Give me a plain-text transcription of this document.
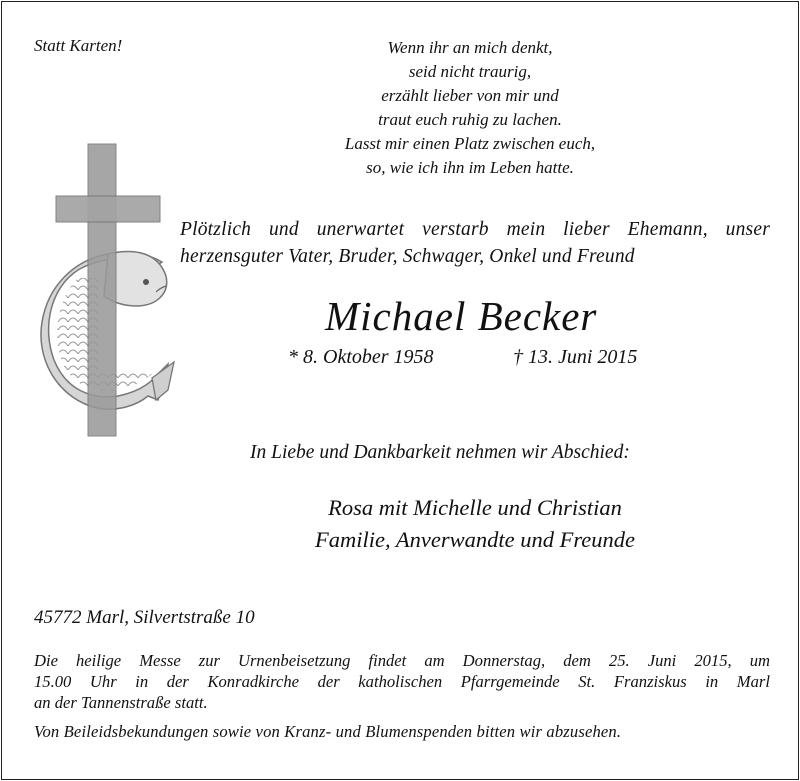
Statt Karten!	Wenn ihr an mich denkt,
seid nicht traurig,
erzählt lieber von mir und
traut euch ruhig zu lachen.
Lasst mir einen Platz zwischen euch,
so, wie ich ihn im Leben hatte.
Plötzlich und unerwartet verstarb mein lieber Ehemann, unser
herzensguter Vater, Bruder, Schwager, Onkel und Freund
Michael Becker
* 8. Oktober 1958	† 13. Juni 2015
In Liebe und Dankbarkeit nehmen wir Abschied:
Rosa mit Michelle und Christian
Familie, Anverwandte und Freunde
45772 Marl, Silvertstraße 10
Die heilige Messe zur Urnenbeisetzung findet am Donnerstag, dem 25. Juni 2015, um
15.00 Uhr in der Konradkirche der katholischen Pfarrgemeinde St. Franziskus in Marl
an der Tannenstraße statt.
Von Beileidsbekundungen sowie von Kranz- und Blumenspenden bitten wir abzusehen.
